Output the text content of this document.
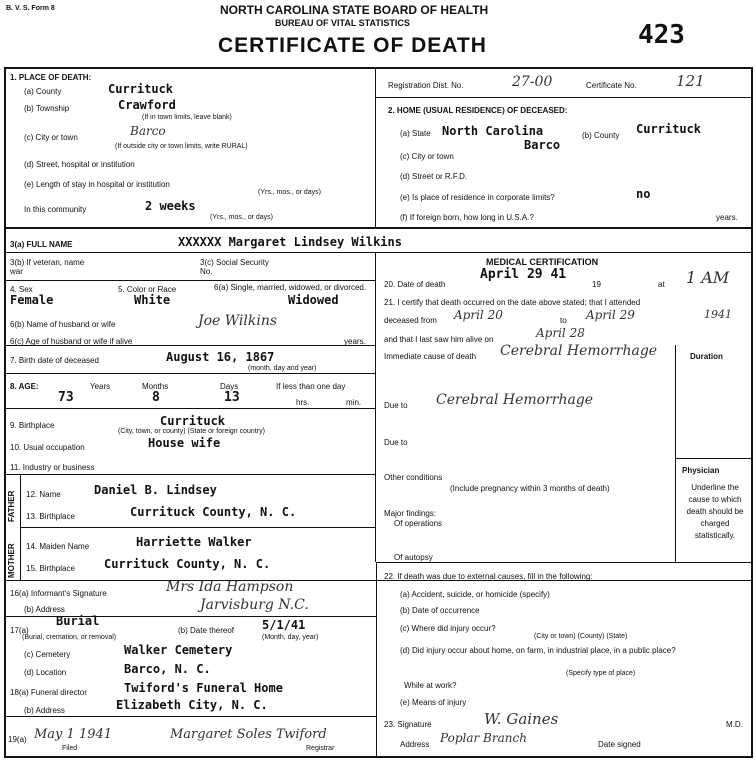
B. V. S. Form 8	NORTH CAROLINA STATE BOARD OF HEALTH
BUREAU OF VITAL STATISTICS
CERTIFICATE OF DEATH	423
1. PLACE OF DEATH:
(a) County	Currituck
(b) Township	Crawford
(If in town limits, leave blank)
(c) City or town	Barco
(If outside city or town limits, write RURAL)
(d) Street, hospital or institution
(e) Length of stay in hospital or institution
(Yrs., mos., or days)
In this community	2 weeks
(Yrs., mos., or days)
Registration Dist. No.	27-00	Certificate No.	121
2. HOME (USUAL RESIDENCE) OF DECEASED:
(a) State North Carolina	(b) County Currituck
Barco
(c) City or town
(d) Street or R.F.D.
(e) Is place of residence in corporate limits?	no
(f) If foreign born, how long in U.S.A.?	years.
3(a) FULL NAME	XXXXXX Margaret Lindsey Wilkins
3(b) If veteran, name war
3(c) Social Security No.
4. Sex
Female
5. Color or Race
White
6(a) Single, married, widowed, or divorced.
Widowed
6(b) Name of husband or wife	Joe Wilkins
6(c) Age of husband or wife if alive	years.
7. Birth date of deceased	August 16, 1867
(month, day and year)
8. AGE:	Years	Months	Days	If less than one day
73	8	13	hrs.	min.
9. Birthplace	Currituck
(City, town, or county) (State or foreign country)
10. Usual occupation	House wife
11. Industry or business
FATHER
MOTHER
12. Name	Daniel B. Lindsey
13. Birthplace	Currituck County, N. C.
14. Maiden Name	Harriette Walker
15. Birthplace Currituck County, N. C.
16(a) Informant's Signature	Mrs Ida Hampson
(b) Address	Jarvisburg N.C.
17(a)
Burial
(Burial, cremation, or removal)
(b) Date thereof 5/1/41
(Month, day, year)
(c) Cemetery	Walker Cemetery
(d) Location	Barco, N. C.
18(a) Funeral director	Twiford's Funeral Home
(b) Address	Elizabeth City, N. C.
19(a) May 1 1941
Filed
Margaret Soles Twiford
Registrar
MEDICAL CERTIFICATION
20. Date of death
April 29 41
19	at 1 AM
21. I certify that death occurred on the date above stated; that I attended
deceased from April 20	to April 29	1941
and that I last saw him alive on	April 28
Duration
Immediate cause of death Cerebral Hemorrhage
Due to Cerebral Hemorrhage
Due to
Physician
Underline the cause to which death should be charged statistically.
Other conditions
(Include pregnancy within 3 months of death)
Major findings:
Of operations
Of autopsy
22. If death was due to external causes, fill in the following:
(a) Accident, suicide, or homicide (specify)
(b) Date of occurrence
(c) Where did injury occur?
(City or town) (County) (State)
(d) Did injury occur about home, on farm, in industrial place, in a public place?
(Specify type of place)
While at work?
(e) Means of injury
23. Signature	W. Gaines	M.D.
Address Poplar Branch	Date signed
